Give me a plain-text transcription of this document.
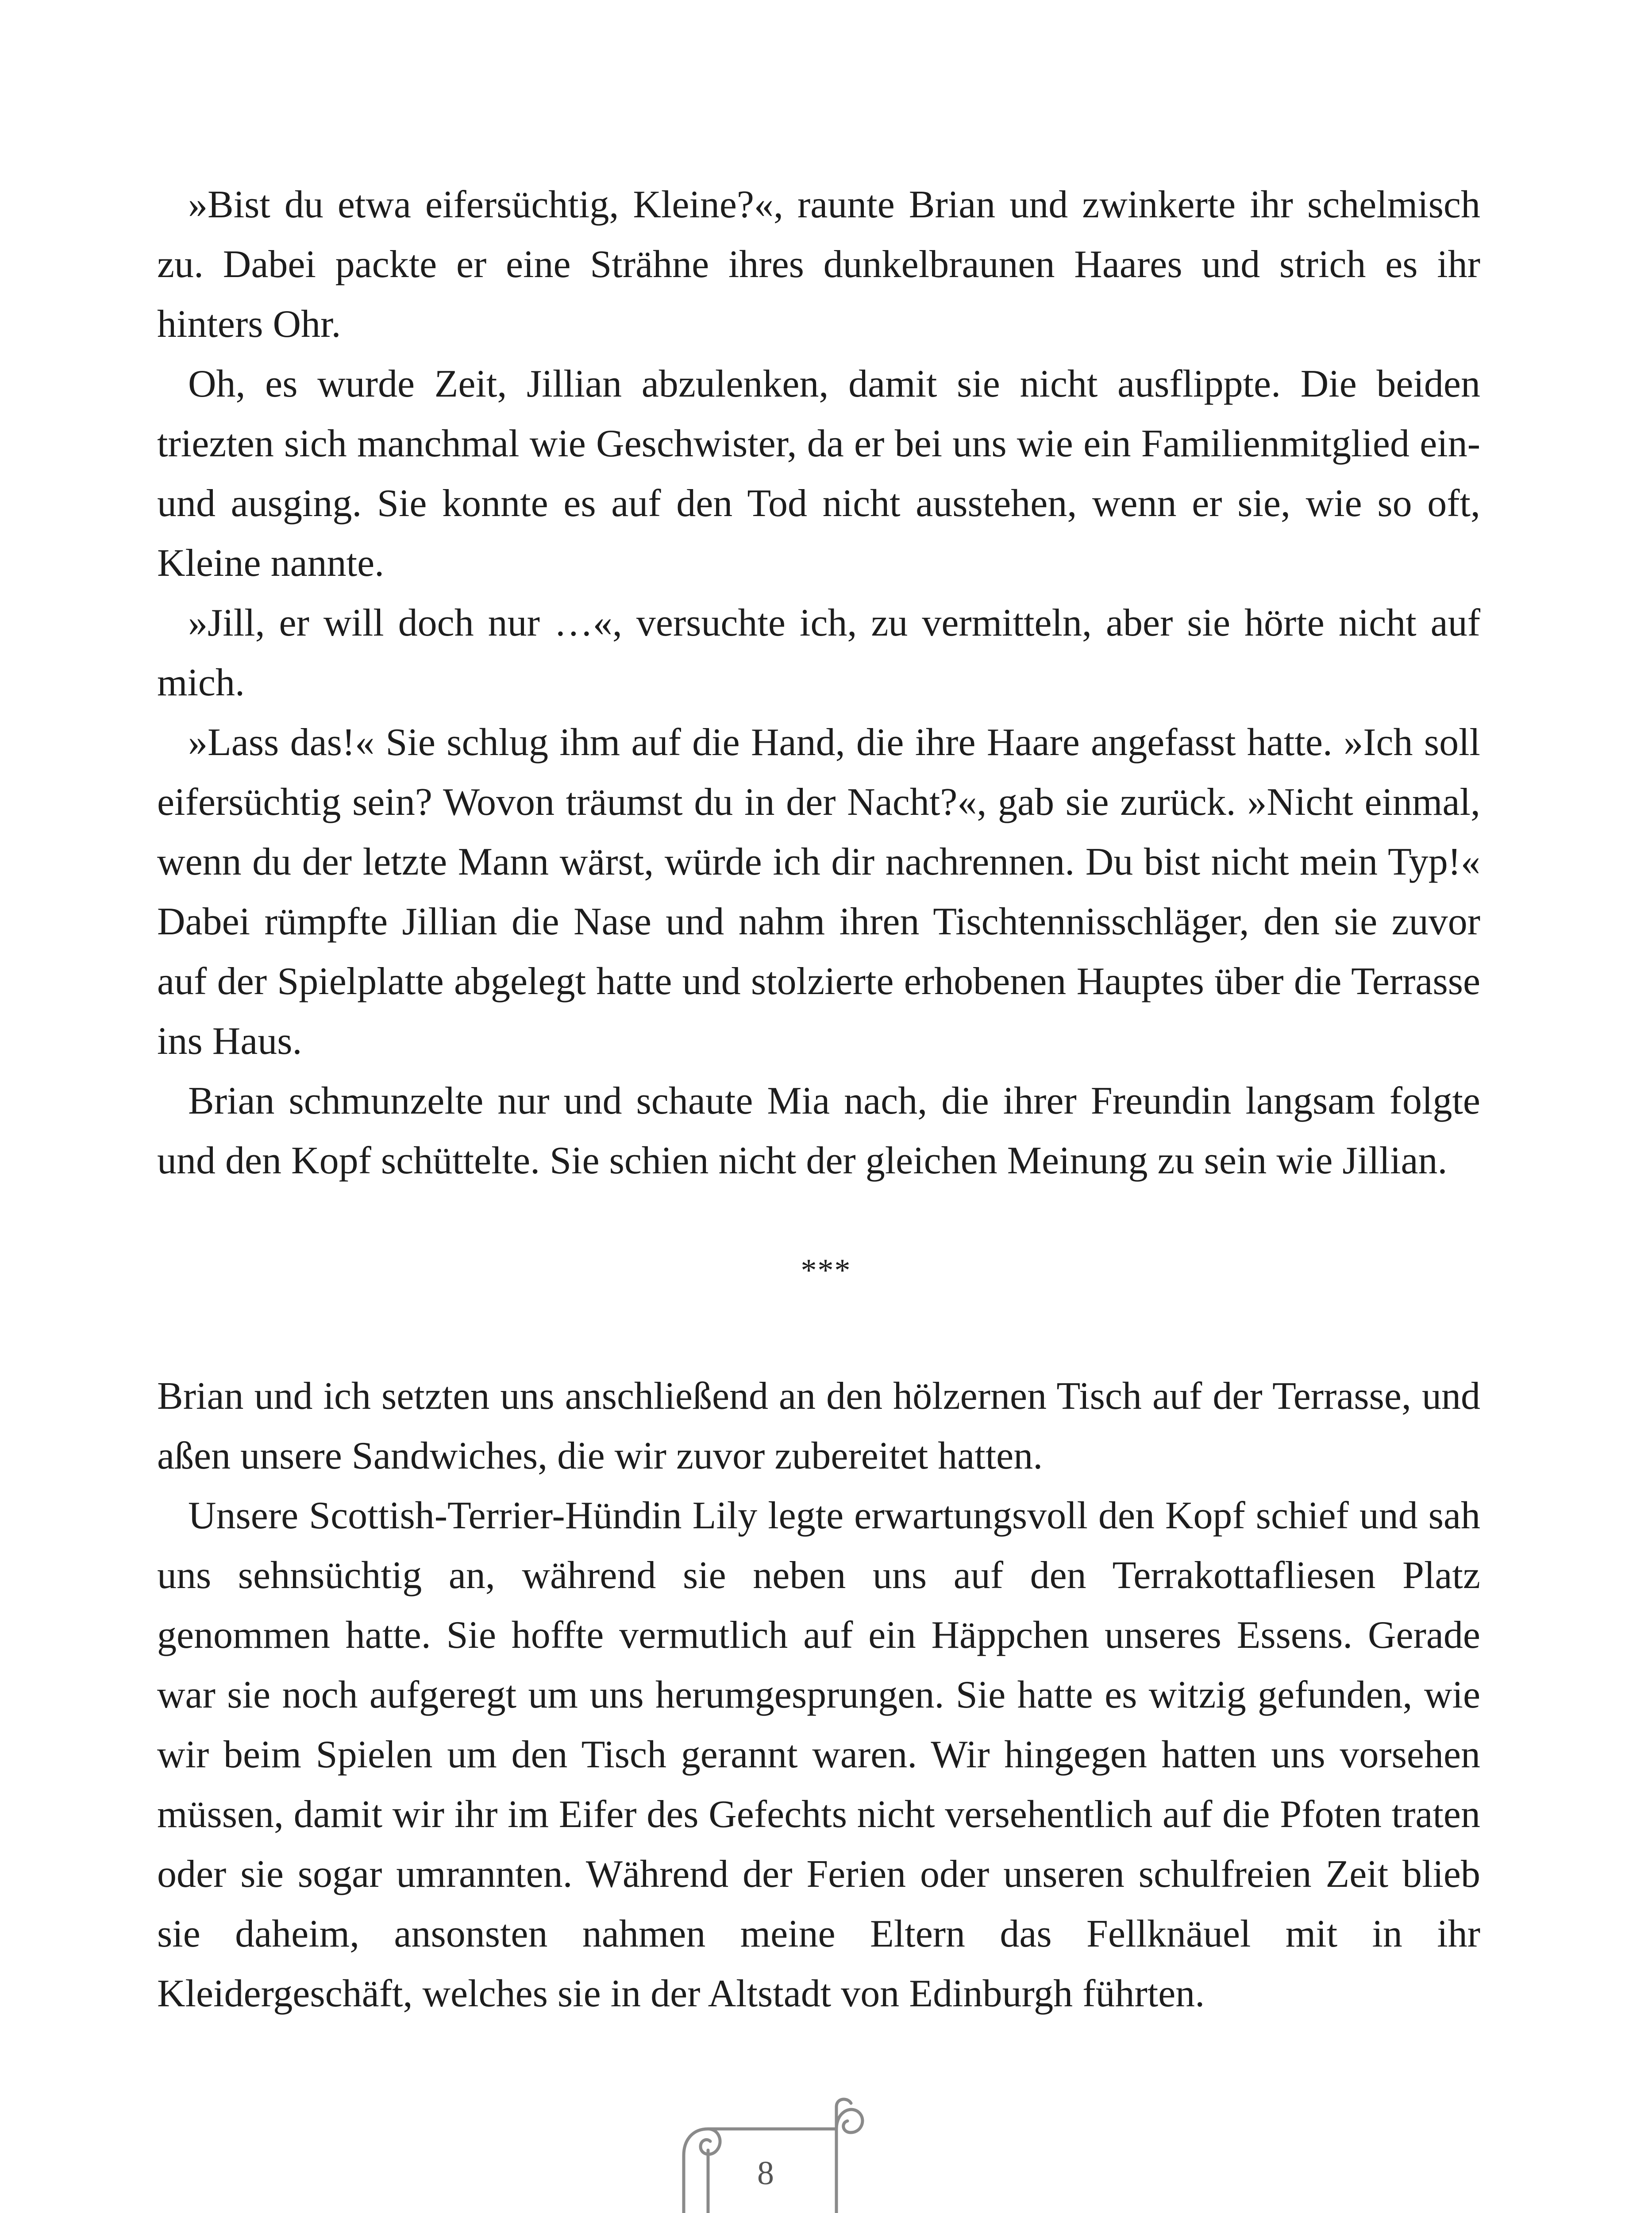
»Bist du etwa eifersüchtig, Kleine?«, raunte Brian und zwinkerte ihr schelmisch zu. Dabei packte er eine Strähne ihres dunkelbraunen Haares und strich es ihr hinters Ohr.

Oh, es wurde Zeit, Jillian abzulenken, damit sie nicht ausflippte. Die beiden triezten sich manchmal wie Geschwister, da er bei uns wie ein Familienmitglied ein- und ausging. Sie konnte es auf den Tod nicht ausstehen, wenn er sie, wie so oft, Kleine nannte.

»Jill, er will doch nur …«, versuchte ich, zu vermitteln, aber sie hörte nicht auf mich.

»Lass das!« Sie schlug ihm auf die Hand, die ihre Haare angefasst hatte. »Ich soll eifersüchtig sein? Wovon träumst du in der Nacht?«, gab sie zurück. »Nicht einmal, wenn du der letzte Mann wärst, würde ich dir nachrennen. Du bist nicht mein Typ!« Dabei rümpfte Jillian die Nase und nahm ihren Tischtennisschläger, den sie zuvor auf der Spielplatte abgelegt hatte und stolzierte erhobenen Hauptes über die Terrasse ins Haus.

Brian schmunzelte nur und schaute Mia nach, die ihrer Freundin langsam folgte und den Kopf schüttelte. Sie schien nicht der gleichen Meinung zu sein wie Jillian.

***

Brian und ich setzten uns anschließend an den hölzernen Tisch auf der Terrasse, und aßen unsere Sandwiches, die wir zuvor zubereitet hatten.

Unsere Scottish-Terrier-Hündin Lily legte erwartungsvoll den Kopf schief und sah uns sehnsüchtig an, während sie neben uns auf den Terrakottafliesen Platz genommen hatte. Sie hoffte vermutlich auf ein Häppchen unseres Essens. Gerade war sie noch aufgeregt um uns herumgesprungen. Sie hatte es witzig gefunden, wie wir beim Spielen um den Tisch gerannt waren. Wir hingegen hatten uns vorsehen müssen, damit wir ihr im Eifer des Gefechts nicht versehentlich auf die Pfoten traten oder sie sogar umrannten. Während der Ferien oder unseren schulfreien Zeit blieb sie daheim, ansonsten nahmen meine Eltern das Fellknäuel mit in ihr Kleidergeschäft, welches sie in der Altstadt von Edinburgh führten.

8
